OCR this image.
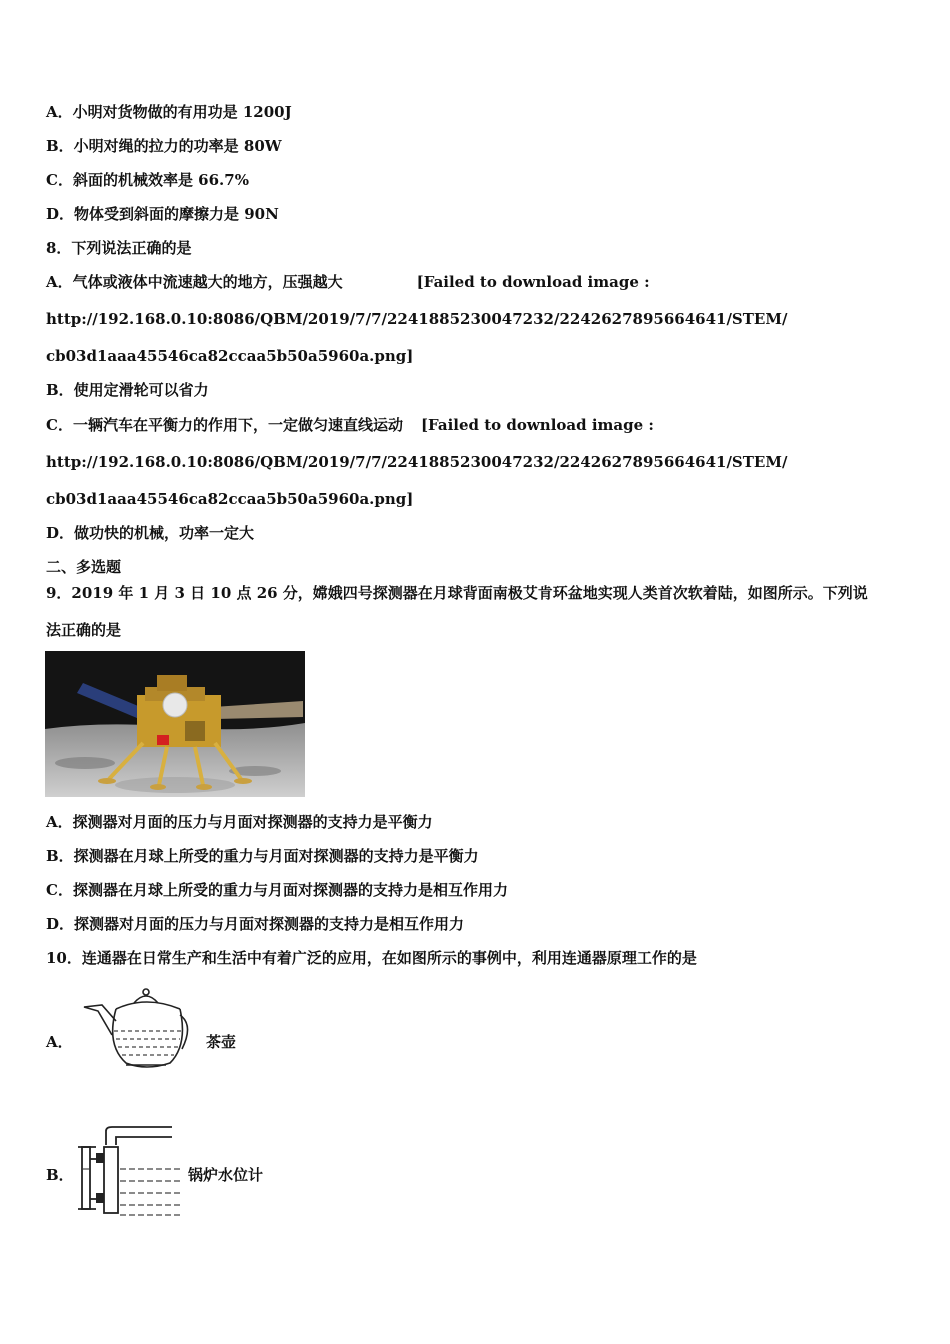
A．小明对货物做的有用功是 1200J
B．小明对绳的拉力的功率是 80W
C．斜面的机械效率是 66.7%
D．物体受到斜面的摩擦力是 90N
8．下列说法正确的是
A．气体或液体中流速越大的地方，压强越大	[Failed to download image :
http://192.168.0.10:8086/QBM/2019/7/7/2241885230047232/2242627895664641/STEM/
cb03d1aaa45546ca82ccaa5b50a5960a.png]
B．使用定滑轮可以省力
C．一辆汽车在平衡力的作用下，一定做匀速直线运动 [Failed to download image :
http://192.168.0.10:8086/QBM/2019/7/7/2241885230047232/2242627895664641/STEM/
cb03d1aaa45546ca82ccaa5b50a5960a.png]
D．做功快的机械，功率一定大
二、多选题
9．2019 年 1 月 3 日 10 点 26 分，嫦娥四号探测器在月球背面南极艾肯环盆地实现人类首次软着陆，如图所示。下列说
法正确的是
A．探测器对月面的压力与月面对探测器的支持力是平衡力
B．探测器在月球上所受的重力与月面对探测器的支持力是平衡力
C．探测器在月球上所受的重力与月面对探测器的支持力是相互作用力
D．探测器对月面的压力与月面对探测器的支持力是相互作用力
10．连通器在日常生产和生活中有着广泛的应用，在如图所示的事例中，利用连通器原理工作的是
A．	茶壶
B．	锅炉水位计
